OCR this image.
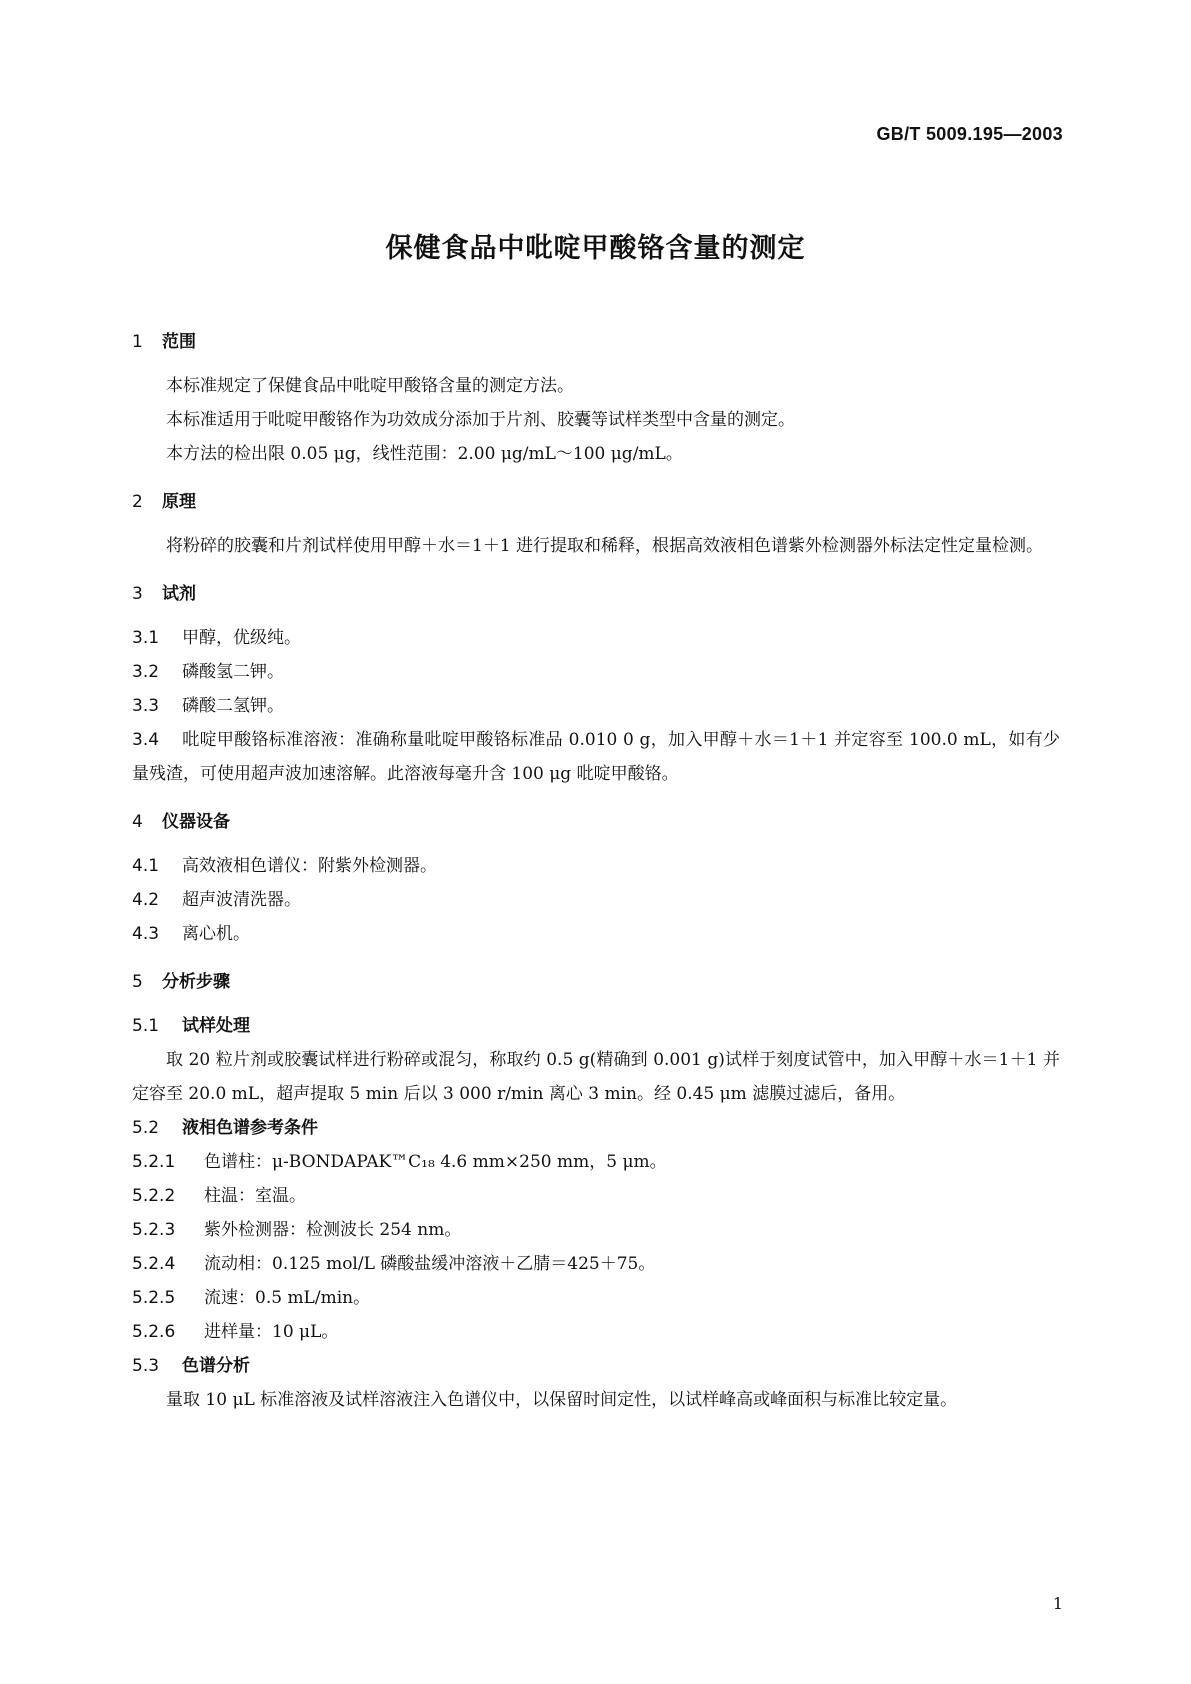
GB/T 5009.195—2003
保健食品中吡啶甲酸铬含量的测定
1 范围
本标准规定了保健食品中吡啶甲酸铬含量的测定方法。
本标准适用于吡啶甲酸铬作为功效成分添加于片剂、胶囊等试样类型中含量的测定。
本方法的检出限 0.05 μg，线性范围：2.00 μg/mL～100 μg/mL。
2 原理
将粉碎的胶囊和片剂试样使用甲醇＋水＝1＋1 进行提取和稀释，根据高效液相色谱紫外检测器外标法定性定量检测。
3 试剂
3.1 甲醇，优级纯。
3.2 磷酸氢二钾。
3.3 磷酸二氢钾。
3.4 吡啶甲酸铬标准溶液：准确称量吡啶甲酸铬标准品 0.010 0 g，加入甲醇＋水＝1＋1 并定容至 100.0 mL，如有少量残渣，可使用超声波加速溶解。此溶液每毫升含 100 μg 吡啶甲酸铬。
4 仪器设备
4.1 高效液相色谱仪：附紫外检测器。
4.2 超声波清洗器。
4.3 离心机。
5 分析步骤
5.1 试样处理
取 20 粒片剂或胶囊试样进行粉碎或混匀，称取约 0.5 g(精确到 0.001 g)试样于刻度试管中，加入甲醇＋水＝1＋1 并定容至 20.0 mL，超声提取 5 min 后以 3 000 r/min 离心 3 min。经 0.45 μm 滤膜过滤后，备用。
5.2 液相色谱参考条件
5.2.1 色谱柱：μ-BONDAPAK™C₁₈ 4.6 mm×250 mm，5 μm。
5.2.2 柱温：室温。
5.2.3 紫外检测器：检测波长 254 nm。
5.2.4 流动相：0.125 mol/L 磷酸盐缓冲溶液＋乙腈＝425＋75。
5.2.5 流速：0.5 mL/min。
5.2.6 进样量：10 μL。
5.3 色谱分析
量取 10 μL 标准溶液及试样溶液注入色谱仪中，以保留时间定性，以试样峰高或峰面积与标准比较定量。
1
